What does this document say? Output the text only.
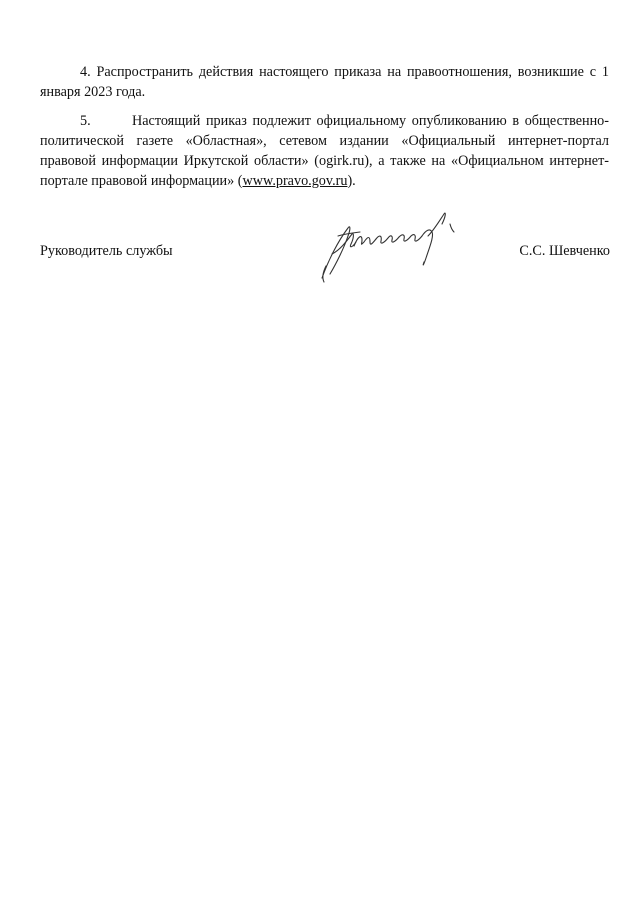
4. Распространить действия настоящего приказа на правоотношения, возникшие с 1 января 2023 года.

5.	Настоящий приказ подлежит официальному опубликованию в общественно-политической газете «Областная», сетевом издании «Официальный интернет-портал правовой информации Иркутской области» (ogirk.ru), а также на «Официальном интернет-портале правовой информации» (www.pravo.gov.ru).

Руководитель службы	С.С. Шевченко
